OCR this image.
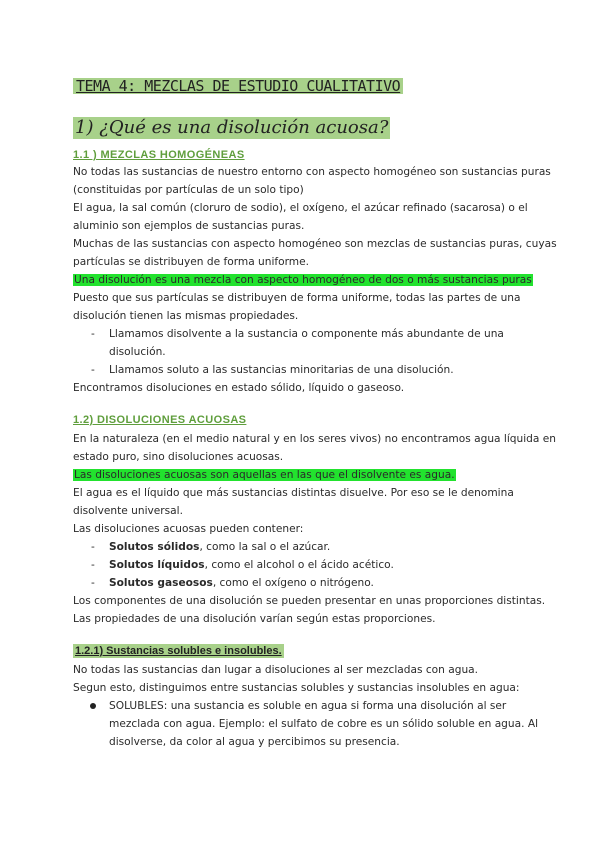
TEMA 4: MEZCLAS DE ESTUDIO CUALITATIVO
1) ¿Qué es una disolución acuosa?
1.1 ) MEZCLAS HOMOGÉNEAS
No todas las sustancias de nuestro entorno con aspecto homogéneo son sustancias puras
(constituidas por partículas de un solo tipo)
El agua, la sal común (cloruro de sodio), el oxígeno, el azúcar refinado (sacarosa) o el
aluminio son ejemplos de sustancias puras.
Muchas de las sustancias con aspecto homogéneo son mezclas de sustancias puras, cuyas
partículas se distribuyen de forma uniforme.
Una disolución es una mezcla con aspecto homogéneo de dos o más sustancias puras
Puesto que sus partículas se distribuyen de forma uniforme, todas las partes de una
disolución tienen las mismas propiedades.
- Llamamos disolvente a la sustancia o componente más abundante de una
disolución.
- Llamamos soluto a las sustancias minoritarias de una disolución.
Encontramos disoluciones en estado sólido, líquido o gaseoso.
1.2) DISOLUCIONES ACUOSAS
En la naturaleza (en el medio natural y en los seres vivos) no encontramos agua líquida en
estado puro, sino disoluciones acuosas.
Las disoluciones acuosas son aquellas en las que el disolvente es agua.
El agua es el líquido que más sustancias distintas disuelve. Por eso se le denomina
disolvente universal.
Las disoluciones acuosas pueden contener:
- Solutos sólidos, como la sal o el azúcar.
- Solutos líquidos, como el alcohol o el ácido acético.
- Solutos gaseosos, como el oxígeno o nitrógeno.
Los componentes de una disolución se pueden presentar en unas proporciones distintas.
Las propiedades de una disolución varían según estas proporciones.
1.2.1) Sustancias solubles e insolubles.
No todas las sustancias dan lugar a disoluciones al ser mezcladas con agua.
Segun esto, distinguimos entre sustancias solubles y sustancias insolubles en agua:
SOLUBLES: una sustancia es soluble en agua si forma una disolución al ser
mezclada con agua. Ejemplo: el sulfato de cobre es un sólido soluble en agua. Al
disolverse, da color al agua y percibimos su presencia.
